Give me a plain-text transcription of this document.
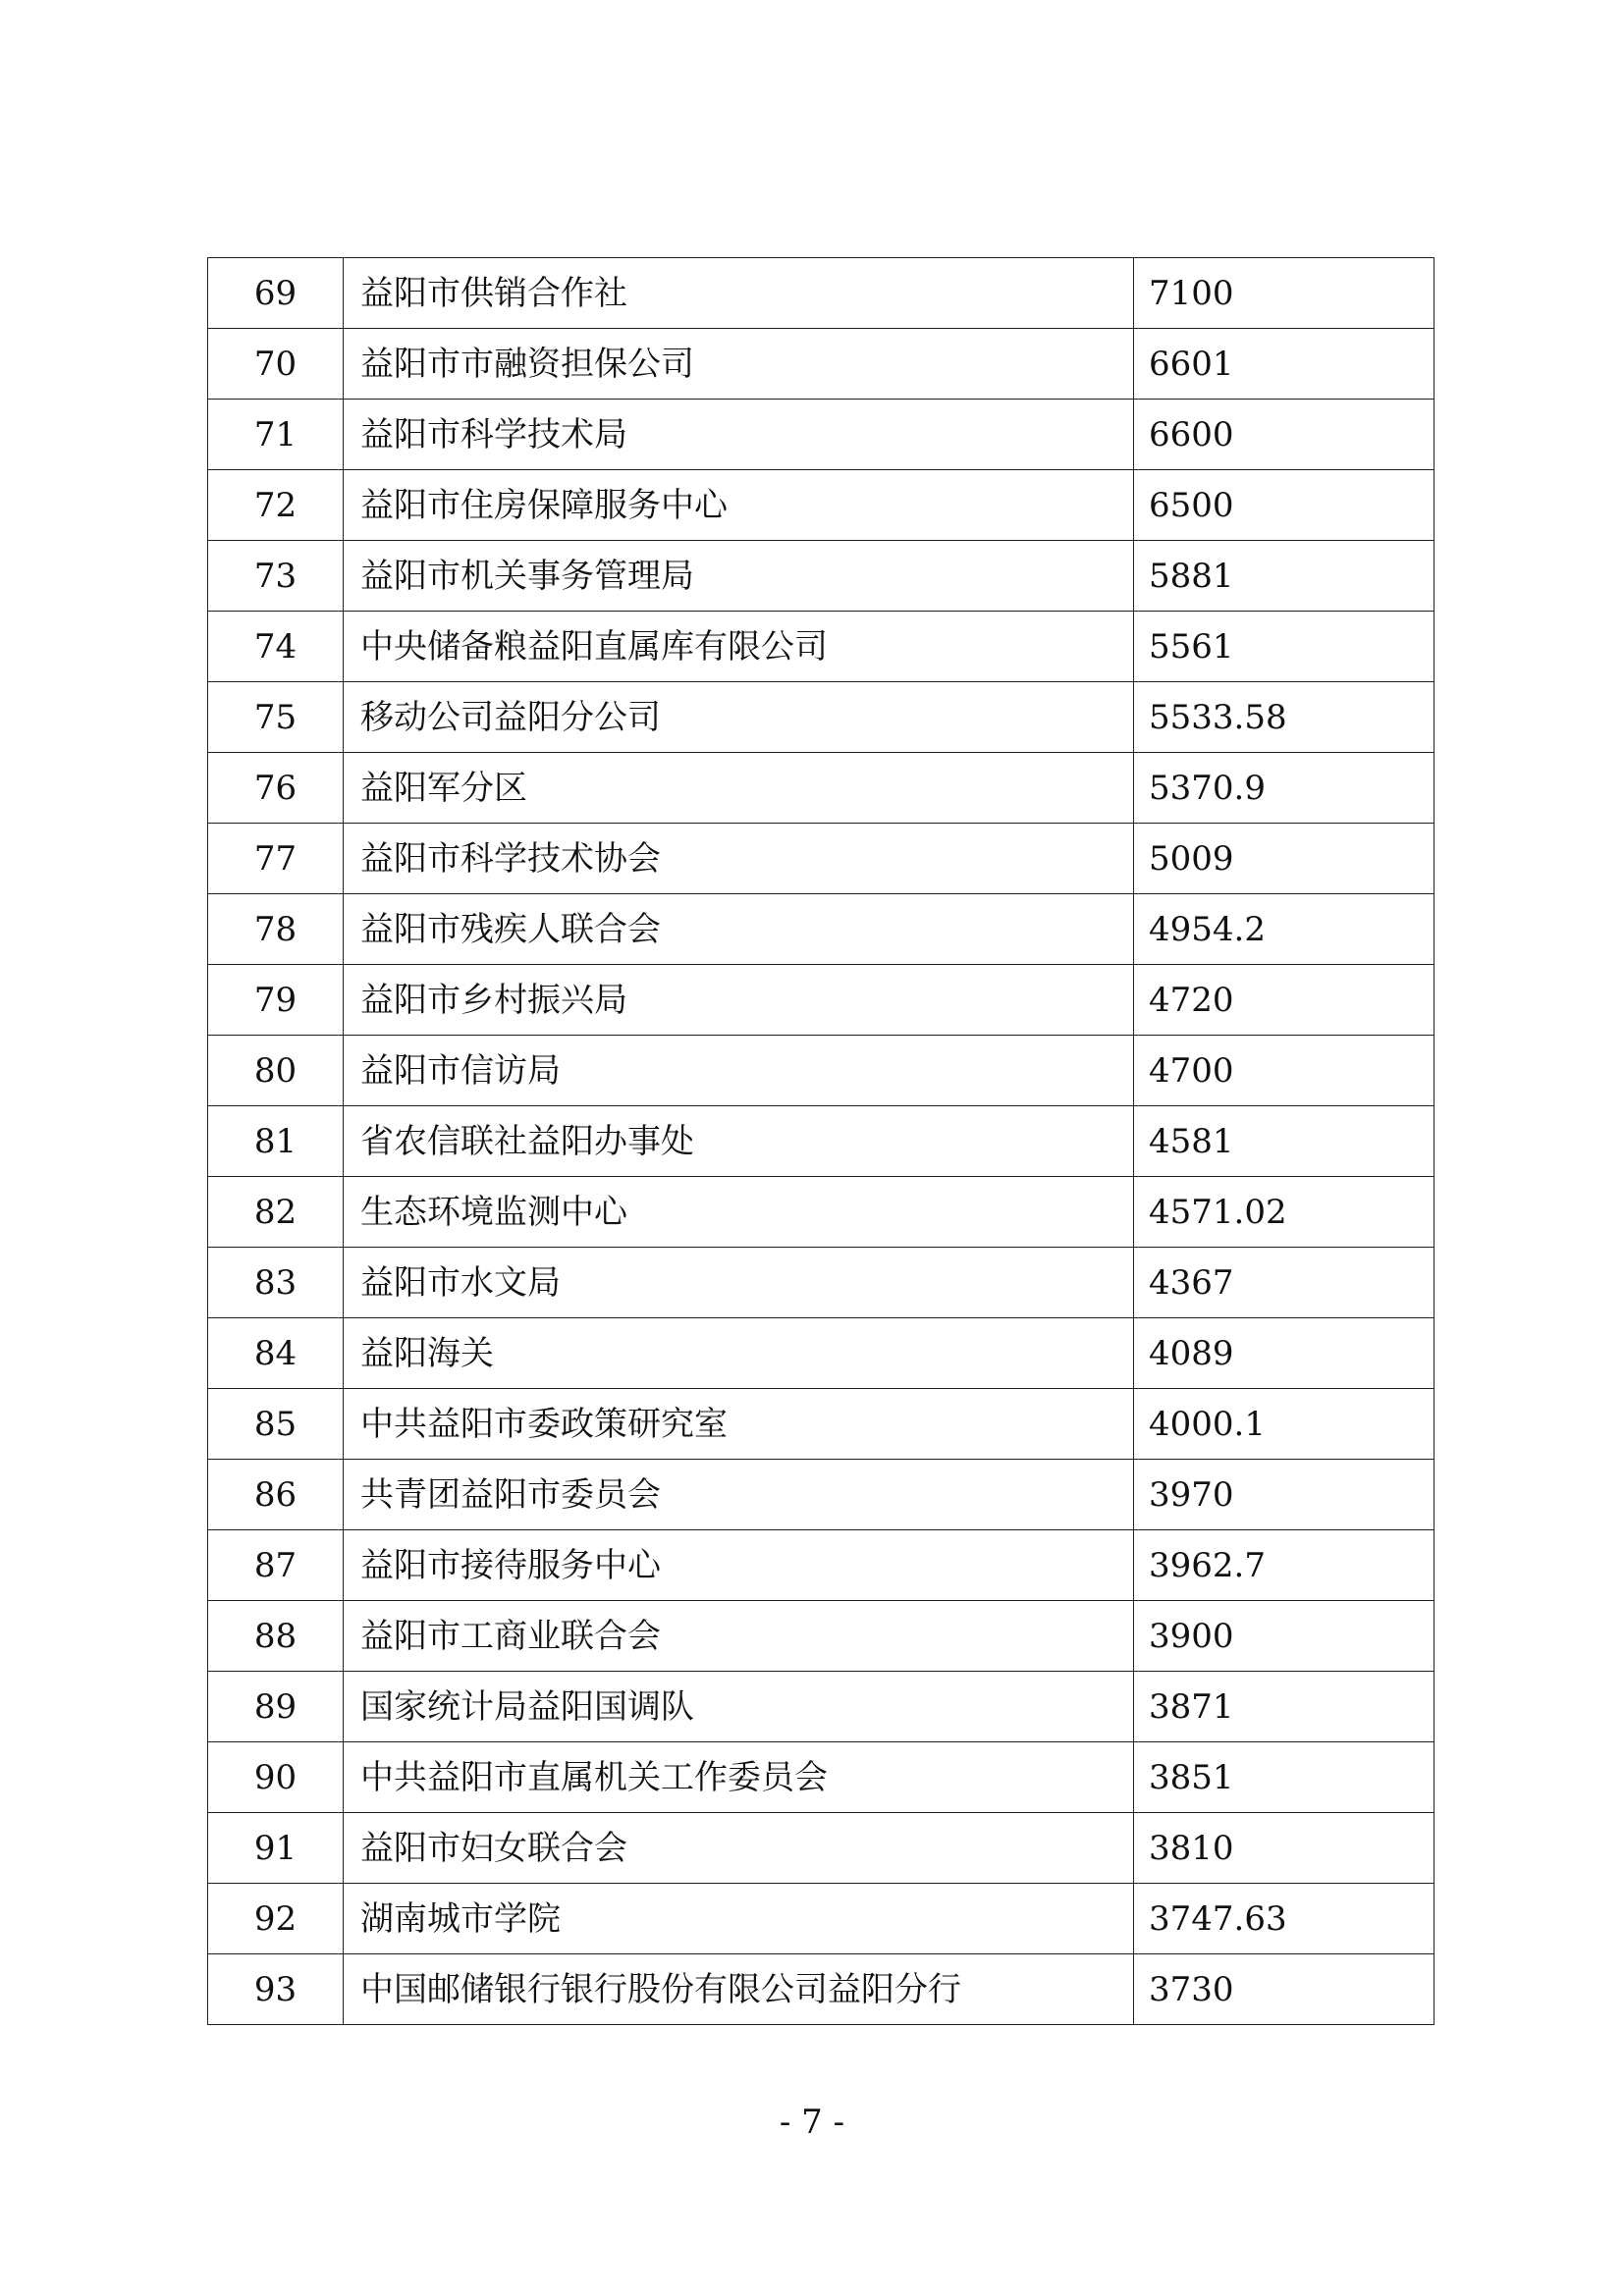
69	益阳市供销合作社	7100
70	益阳市市融资担保公司	6601
71	益阳市科学技术局	6600
72	益阳市住房保障服务中心	6500
73	益阳市机关事务管理局	5881
74	中央储备粮益阳直属库有限公司	5561
75	移动公司益阳分公司	5533.58
76	益阳军分区	5370.9
77	益阳市科学技术协会	5009
78	益阳市残疾人联合会	4954.2
79	益阳市乡村振兴局	4720
80	益阳市信访局	4700
81	省农信联社益阳办事处	4581
82	生态环境监测中心	4571.02
83	益阳市水文局	4367
84	益阳海关	4089
85	中共益阳市委政策研究室	4000.1
86	共青团益阳市委员会	3970
87	益阳市接待服务中心	3962.7
88	益阳市工商业联合会	3900
89	国家统计局益阳国调队	3871
90	中共益阳市直属机关工作委员会	3851
91	益阳市妇女联合会	3810
92	湖南城市学院	3747.63
93	中国邮储银行银行股份有限公司益阳分行	3730
- 7 -
